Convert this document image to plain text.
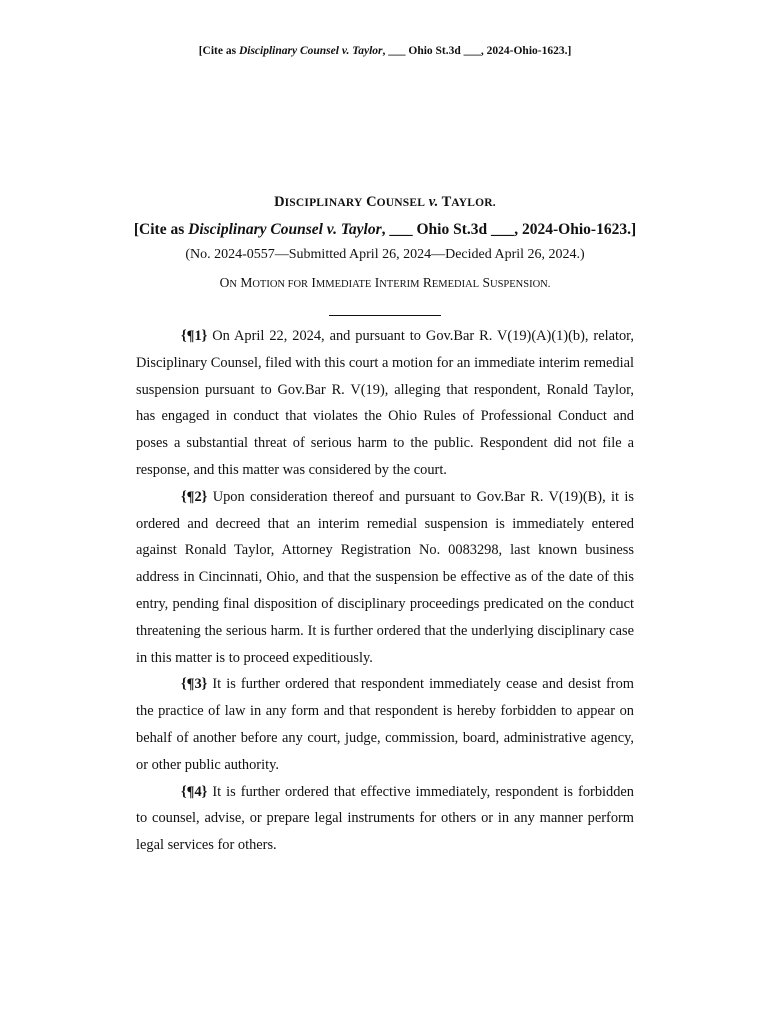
[Cite as Disciplinary Counsel v. Taylor, ___ Ohio St.3d ___, 2024-Ohio-1623.]
DISCIPLINARY COUNSEL v. TAYLOR.
[Cite as Disciplinary Counsel v. Taylor, ___ Ohio St.3d ___, 2024-Ohio-1623.]
(No. 2024-0557—Submitted April 26, 2024—Decided April 26, 2024.)
ON MOTION FOR IMMEDIATE INTERIM REMEDIAL SUSPENSION.

{¶1} On April 22, 2024, and pursuant to Gov.Bar R. V(19)(A)(1)(b), relator, Disciplinary Counsel, filed with this court a motion for an immediate interim remedial suspension pursuant to Gov.Bar R. V(19), alleging that respondent, Ronald Taylor, has engaged in conduct that violates the Ohio Rules of Professional Conduct and poses a substantial threat of serious harm to the public. Respondent did not file a response, and this matter was considered by the court.

{¶2} Upon consideration thereof and pursuant to Gov.Bar R. V(19)(B), it is ordered and decreed that an interim remedial suspension is immediately entered against Ronald Taylor, Attorney Registration No. 0083298, last known business address in Cincinnati, Ohio, and that the suspension be effective as of the date of this entry, pending final disposition of disciplinary proceedings predicated on the conduct threatening the serious harm. It is further ordered that the underlying disciplinary case in this matter is to proceed expeditiously.

{¶3} It is further ordered that respondent immediately cease and desist from the practice of law in any form and that respondent is hereby forbidden to appear on behalf of another before any court, judge, commission, board, administrative agency, or other public authority.

{¶4} It is further ordered that effective immediately, respondent is forbidden to counsel, advise, or prepare legal instruments for others or in any manner perform legal services for others.
